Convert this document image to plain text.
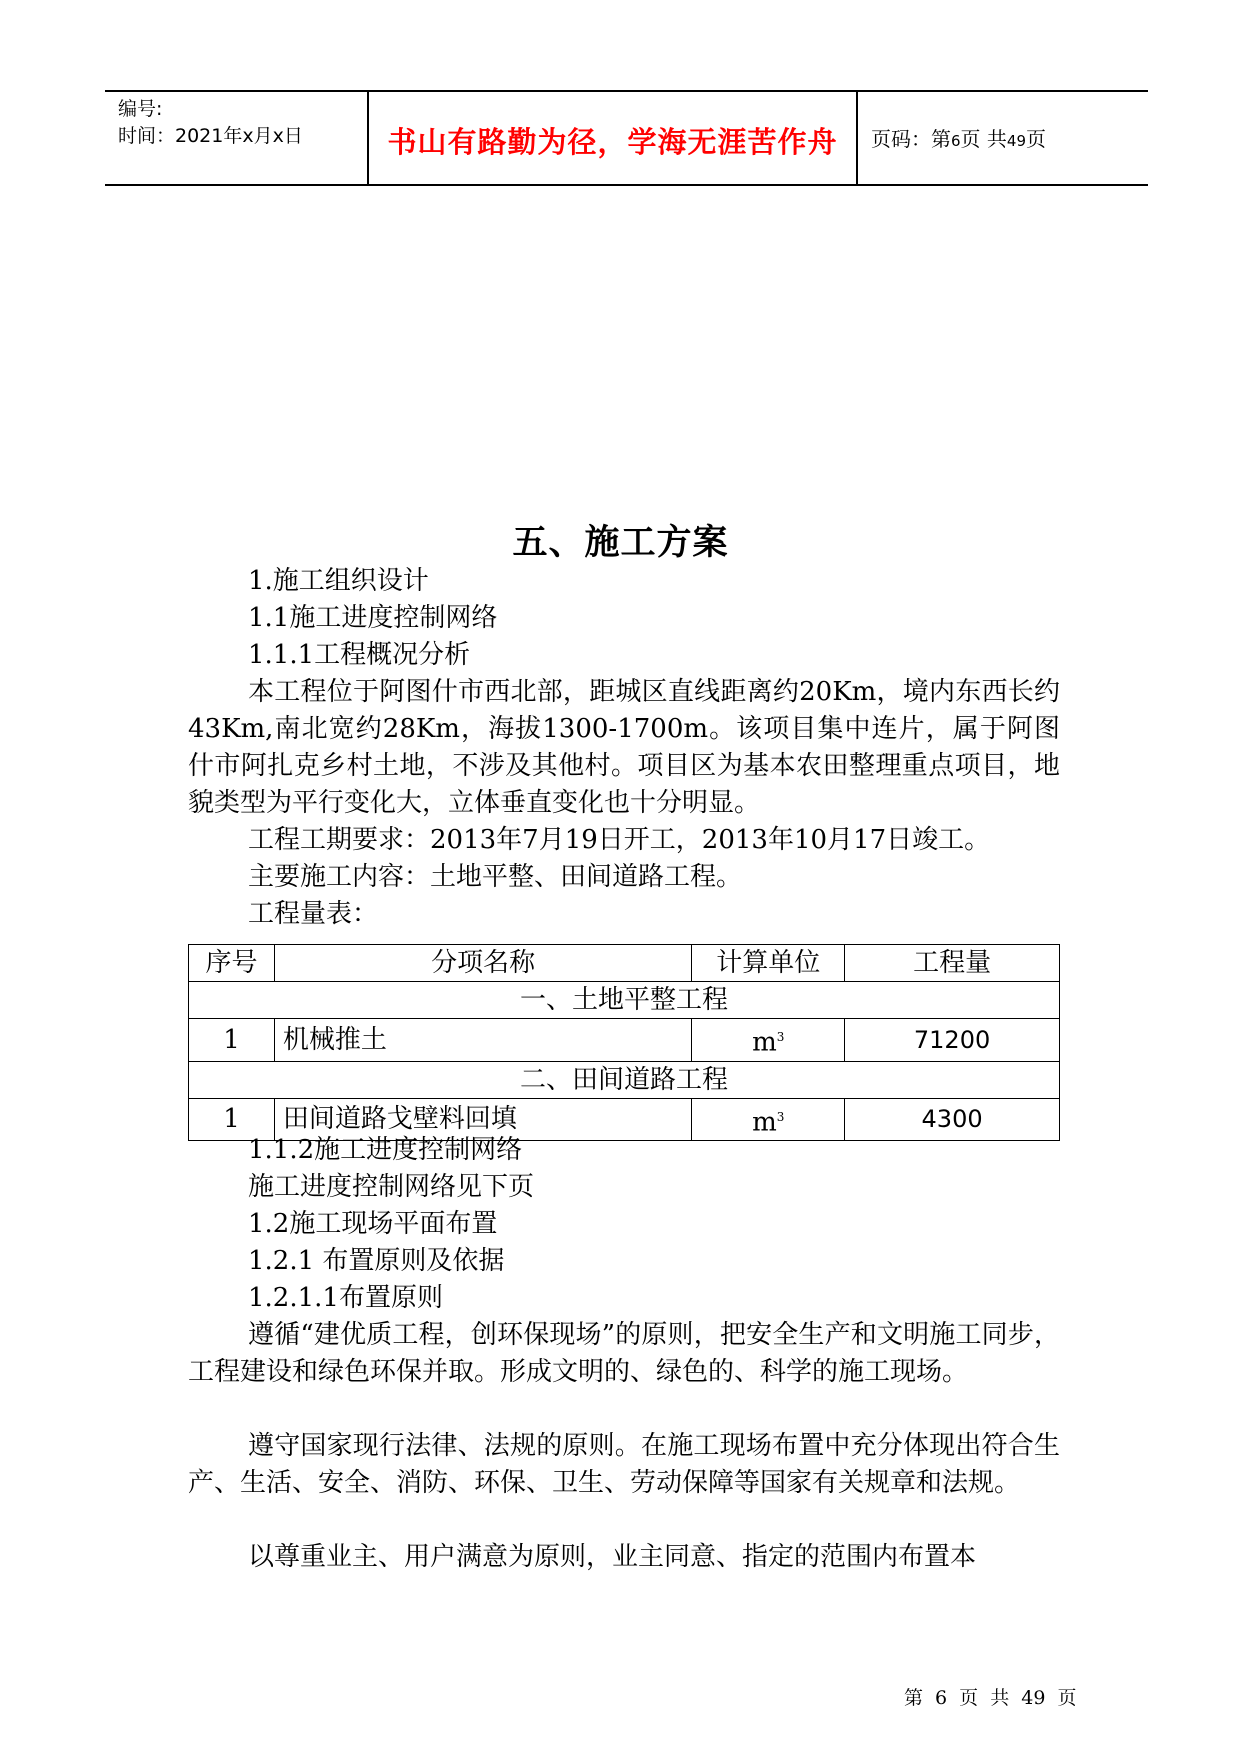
编号:
时间：2021年x月x日	书山有路勤为径，学海无涯苦作舟	页码：第6页 共49页
五、施工方案
1.施工组织设计
1.1施工进度控制网络
1.1.1工程概况分析
本工程位于阿图什市西北部，距城区直线距离约20Km，境内东西长约43Km,南北宽约28Km，海拔1300-1700m。该项目集中连片，属于阿图什市阿扎克乡村土地，不涉及其他村。项目区为基本农田整理重点项目，地貌类型为平行变化大，立体垂直变化也十分明显。
工程工期要求：2013年7月19日开工，2013年10月17日竣工。
主要施工内容：土地平整、田间道路工程。
工程量表：
序号	分项名称	计算单位	工程量
一、土地平整工程			
1	机械推土	$m^3$	71200
二、田间道路工程			
1	田间道路戈壁料回填	$m^3$	4300
1.1.2施工进度控制网络
施工进度控制网络见下页
1.2施工现场平面布置
1.2.1 布置原则及依据
1.2.1.1布置原则
遵循“建优质工程，创环保现场”的原则，把安全生产和文明施工同步，工程建设和绿色环保并取。形成文明的、绿色的、科学的施工现场。
遵守国家现行法律、法规的原则。在施工现场布置中充分体现出符合生产、生活、安全、消防、环保、卫生、劳动保障等国家有关规章和法规。
以尊重业主、用户满意为原则，业主同意、指定的范围内布置本
第 6 页 共 49 页
